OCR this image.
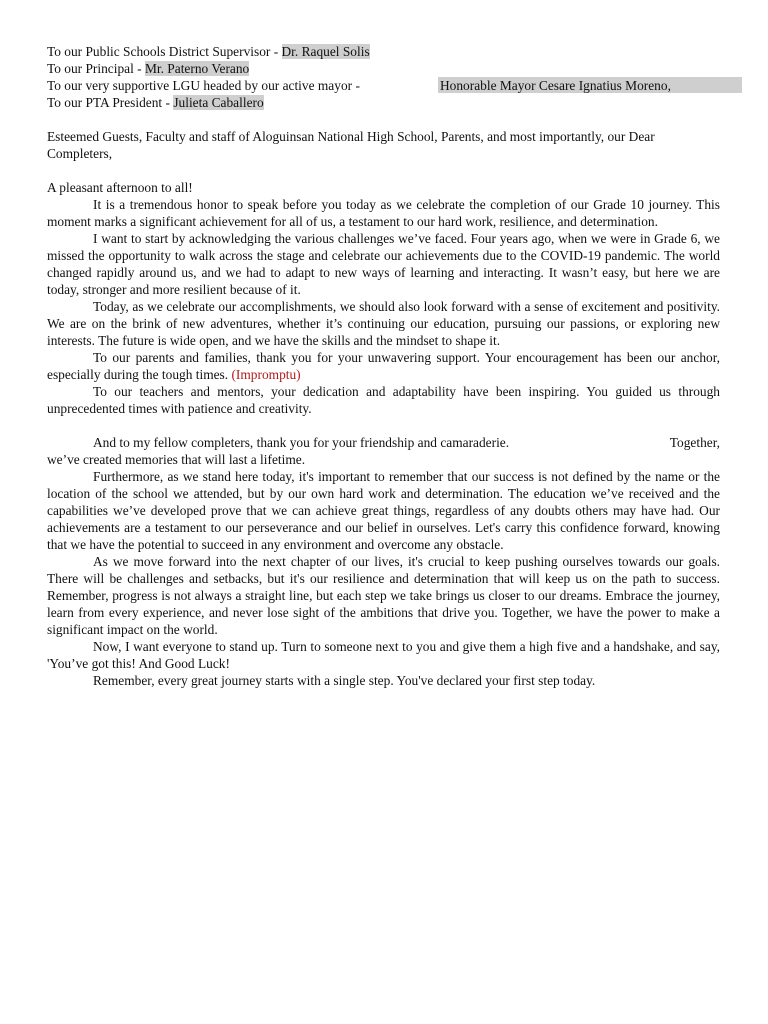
To our Public Schools District Supervisor - Dr. Raquel Solis
To our Principal - Mr. Paterno Verano
To our very supportive LGU headed by our active mayor -	Honorable Mayor Cesare Ignatius Moreno,
To our PTA President - Julieta Caballero
Esteemed Guests, Faculty and staff of Aloguinsan National High School, Parents, and most importantly, our Dear Completers,
A pleasant afternoon to all!

It is a tremendous honor to speak before you today as we celebrate the completion of our Grade 10 journey. This moment marks a significant achievement for all of us, a testament to our hard work, resilience, and determination.

I want to start by acknowledging the various challenges we’ve faced. Four years ago, when we were in Grade 6, we missed the opportunity to walk across the stage and celebrate our achievements due to the COVID-19 pandemic. The world changed rapidly around us, and we had to adapt to new ways of learning and interacting. It wasn’t easy, but here we are today, stronger and more resilient because of it.

Today, as we celebrate our accomplishments, we should also look forward with a sense of excitement and positivity. We are on the brink of new adventures, whether it’s continuing our education, pursuing our passions, or exploring new interests. The future is wide open, and we have the skills and the mindset to shape it.

To our parents and families, thank you for your unwavering support. Your encouragement has been our anchor, especially during the tough times. (Impromptu)

To our teachers and mentors, your dedication and adaptability have been inspiring. You guided us through unprecedented times with patience and creativity.

And to my fellow completers, thank you for your friendship and camaraderie.	Together,
we’ve created memories that will last a lifetime.

Furthermore, as we stand here today, it's important to remember that our success is not defined by the name or the location of the school we attended, but by our own hard work and determination. The education we’ve received and the capabilities we’ve developed prove that we can achieve great things, regardless of any doubts others may have had. Our achievements are a testament to our perseverance and our belief in ourselves. Let's carry this confidence forward, knowing that we have the potential to succeed in any environment and overcome any obstacle.

As we move forward into the next chapter of our lives, it's crucial to keep pushing ourselves towards our goals. There will be challenges and setbacks, but it's our resilience and determination that will keep us on the path to success. Remember, progress is not always a straight line, but each step we take brings us closer to our dreams. Embrace the journey, learn from every experience, and never lose sight of the ambitions that drive you. Together, we have the power to make a significant impact on the world.

Now, I want everyone to stand up. Turn to someone next to you and give them a high five and a handshake, and say, 'You’ve got this! And Good Luck!

Remember, every great journey starts with a single step. You've declared your first step today.
